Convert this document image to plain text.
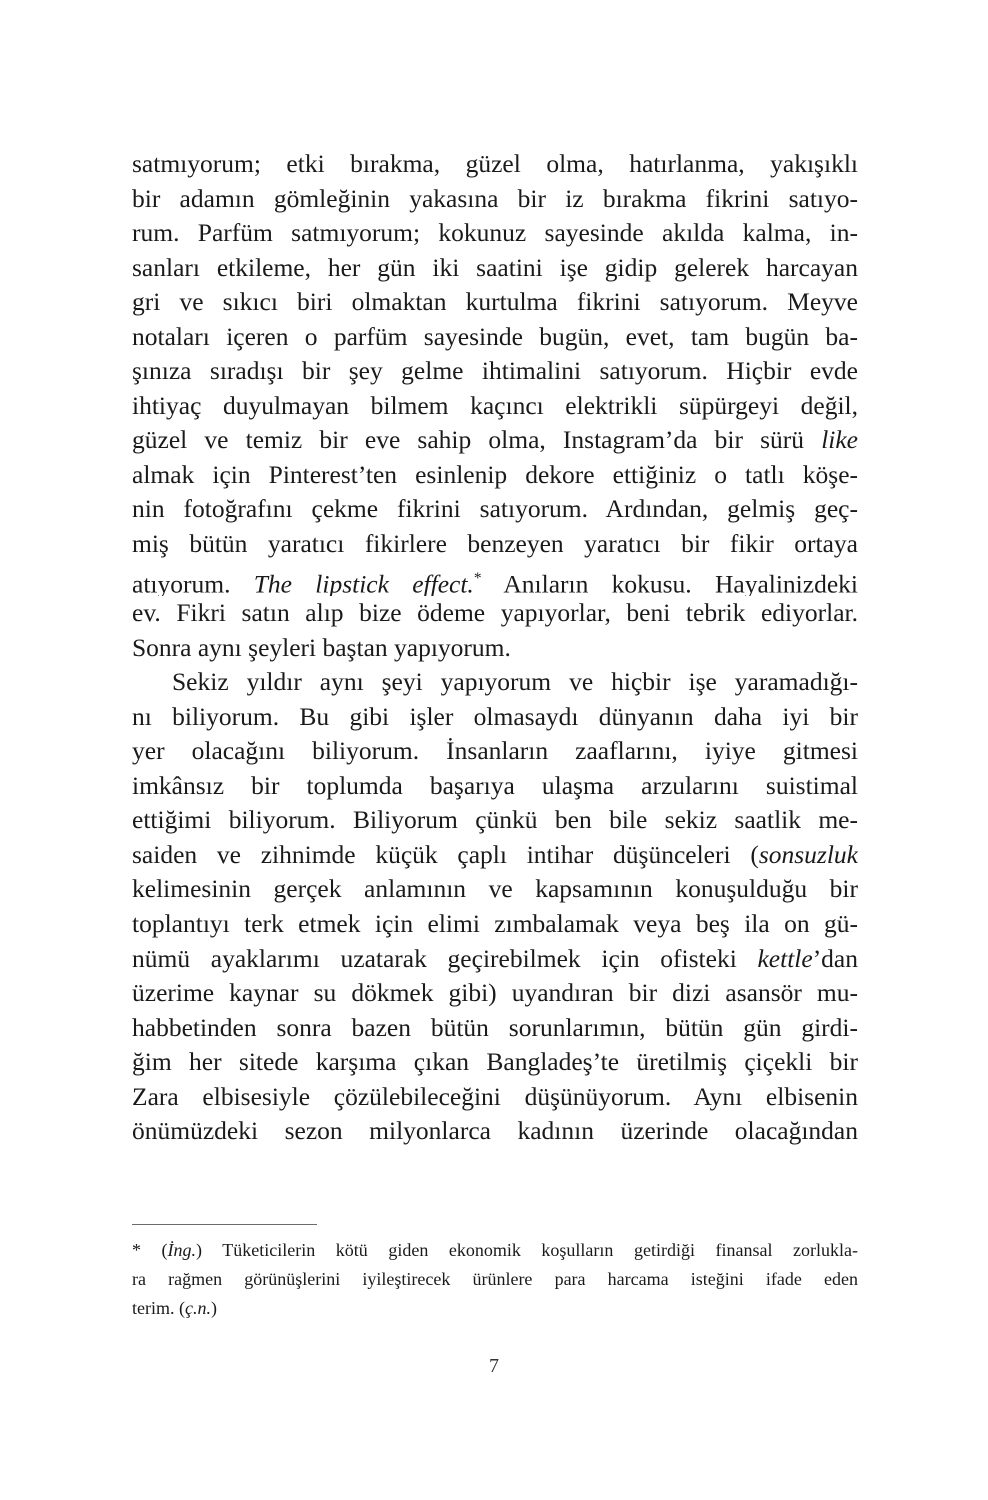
satmıyorum; etki bırakma, güzel olma, hatırlanma, yakışıklı
bir adamın gömleğinin yakasına bir iz bırakma fikrini satıyo-
rum. Parfüm satmıyorum; kokunuz sayesinde akılda kalma, in-
sanları etkileme, her gün iki saatini işe gidip gelerek harcayan
gri ve sıkıcı biri olmaktan kurtulma fikrini satıyorum. Meyve
notaları içeren o parfüm sayesinde bugün, evet, tam bugün ba-
şınıza sıradışı bir şey gelme ihtimalini satıyorum. Hiçbir evde
ihtiyaç duyulmayan bilmem kaçıncı elektrikli süpürgeyi değil,
güzel ve temiz bir eve sahip olma, Instagram’da bir sürü like
almak için Pinterest’ten esinlenip dekore ettiğiniz o tatlı köşe-
nin fotoğrafını çekme fikrini satıyorum. Ardından, gelmiş geç-
miş bütün yaratıcı fikirlere benzeyen yaratıcı bir fikir ortaya
atıyorum. The lipstick effect.* Anıların kokusu. Hayalinizdeki
ev. Fikri satın alıp bize ödeme yapıyorlar, beni tebrik ediyorlar.
Sonra aynı şeyleri baştan yapıyorum.
Sekiz yıldır aynı şeyi yapıyorum ve hiçbir işe yaramadığı-
nı biliyorum. Bu gibi işler olmasaydı dünyanın daha iyi bir
yer olacağını biliyorum. İnsanların zaaflarını, iyiye gitmesi
imkânsız bir toplumda başarıya ulaşma arzularını suistimal
ettiğimi biliyorum. Biliyorum çünkü ben bile sekiz saatlik me-
saiden ve zihnimde küçük çaplı intihar düşünceleri (sonsuzluk
kelimesinin gerçek anlamının ve kapsamının konuşulduğu bir
toplantıyı terk etmek için elimi zımbalamak veya beş ila on gü-
nümü ayaklarımı uzatarak geçirebilmek için ofisteki kettle’dan
üzerime kaynar su dökmek gibi) uyandıran bir dizi asansör mu-
habbetinden sonra bazen bütün sorunlarımın, bütün gün girdi-
ğim her sitede karşıma çıkan Bangladeş’te üretilmiş çiçekli bir
Zara elbisesiyle çözülebileceğini düşünüyorum. Aynı elbisenin
önümüzdeki sezon milyonlarca kadının üzerinde olacağından
* (İng.) Tüketicilerin kötü giden ekonomik koşulların getirdiği finansal zorlukla-
ra rağmen görünüşlerini iyileştirecek ürünlere para harcama isteğini ifade eden
terim. (ç.n.)
7
